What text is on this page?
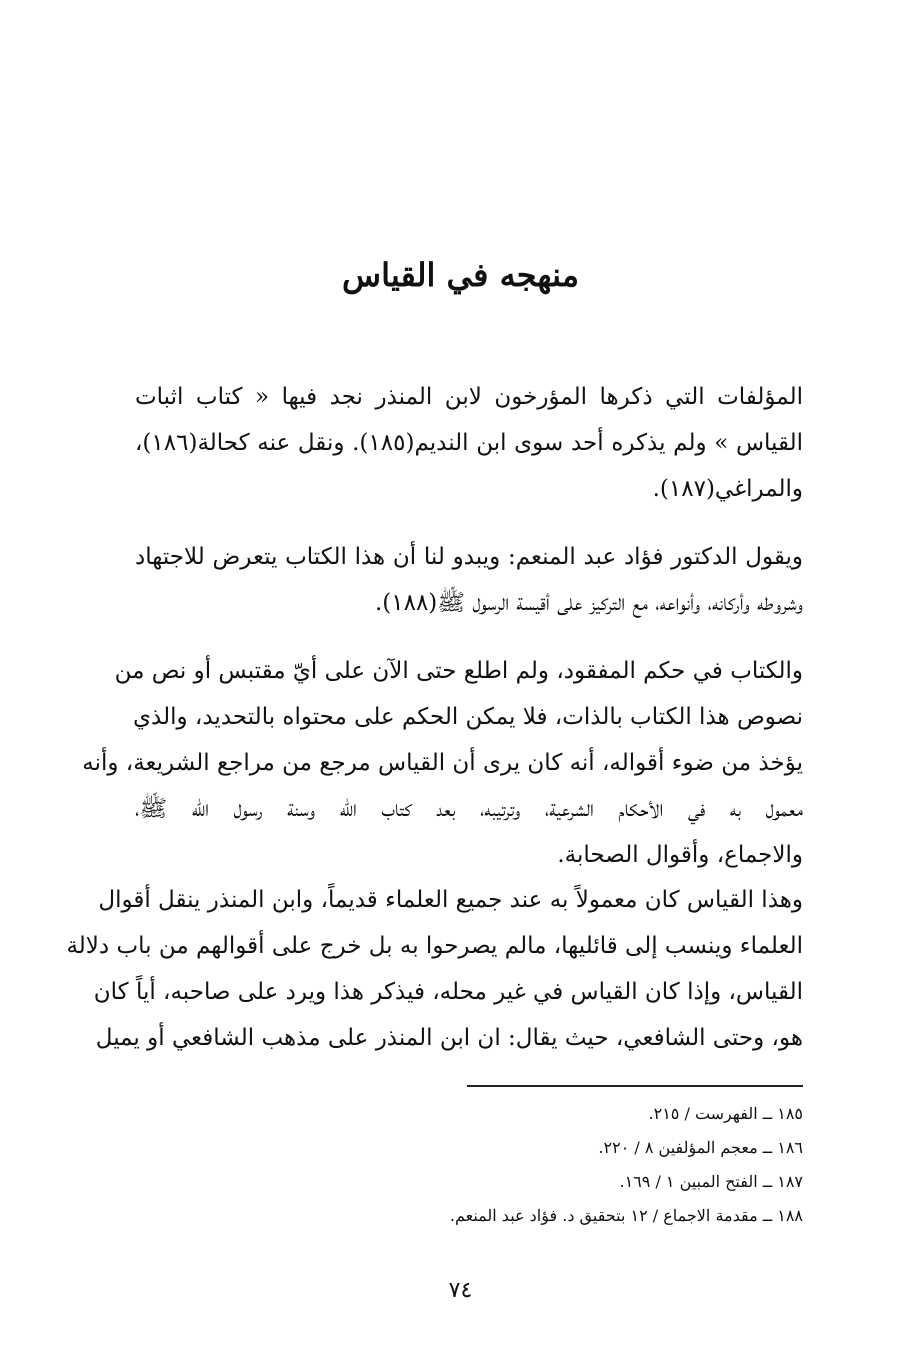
منهجه في القياس
المؤلفات التي ذكرها المؤرخون لابن المنذر نجد فيها « كتاب اثبات
القياس » ولم يذكره أحد سوى ابن النديم(١٨٥). ونقل عنه كحالة(١٨٦)،
والمراغي(١٨٧).
ويقول الدكتور فؤاد عبد المنعم: ويبدو لنا أن هذا الكتاب يتعرض للاجتهاد
وشروطه وأركانه، وأنواعه، مع التركيز على أقيسة الرسول ﷺ(١٨٨).
والكتاب في حكم المفقود، ولم اطلع حتى الآن على أيّ مقتبس أو نص من
نصوص هذا الكتاب بالذات، فلا يمكن الحكم على محتواه بالتحديد، والذي
يؤخذ من ضوء أقواله، أنه كان يرى أن القياس مرجع من مراجع الشريعة، وأنه
معمول به في الأحكام الشرعية، وترتيبه، بعد كتاب الله وسنة رسول الله ﷺ،
والاجماع، وأقوال الصحابة.
وهذا القياس كان معمولاً به عند جميع العلماء قديماً، وابن المنذر ينقل أقوال
العلماء وينسب إلى قائليها، مالم يصرحوا به بل خرج على أقوالهم من باب دلالة
القياس، وإذا كان القياس في غير محله، فيذكر هذا ويرد على صاحبه، أياً كان
هو، وحتى الشافعي، حيث يقال: ان ابن المنذر على مذهب الشافعي أو يميل
١٨٥ ــ الفهرست / ٢١٥.
١٨٦ ــ معجم المؤلفين ٨ / ٢٢٠.
١٨٧ ــ الفتح المبين ١ / ١٦٩.
١٨٨ ــ مقدمة الاجماع / ١٢ بتحقيق د. فؤاد عبد المنعم.
٧٤
